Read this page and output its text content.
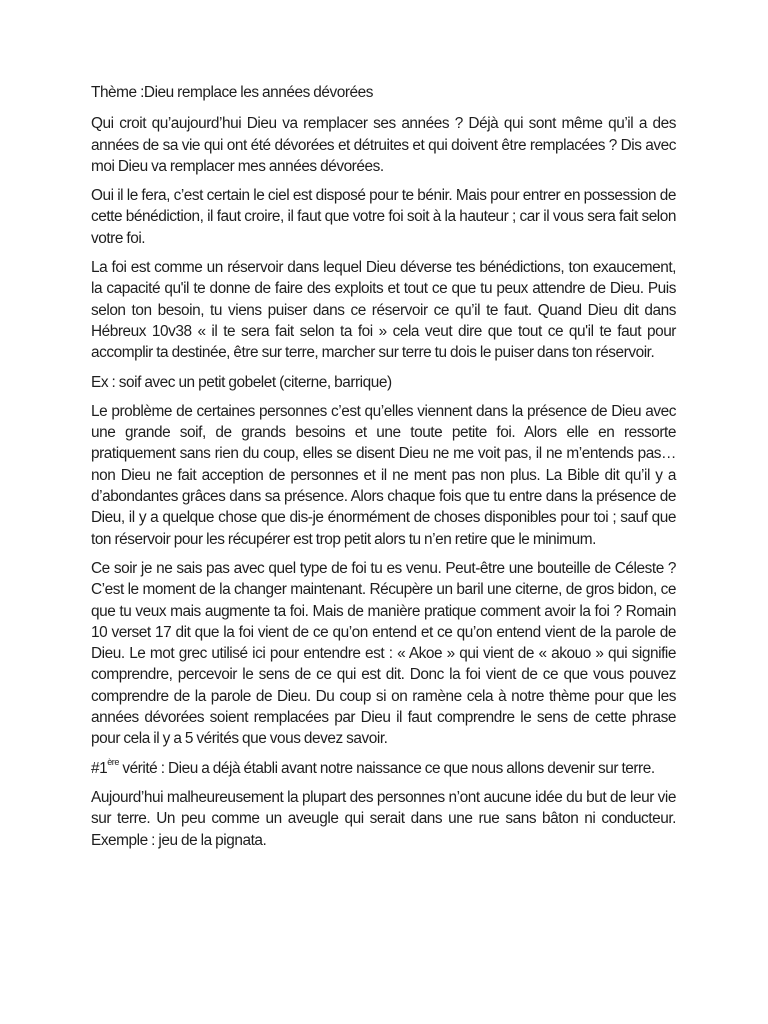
Thème :Dieu remplace les années dévorées

Qui croit qu’aujourd’hui Dieu va remplacer ses années ? Déjà qui sont même qu’il a des années de sa vie qui ont été dévorées et détruites et qui doivent être remplacées ? Dis avec moi Dieu va remplacer mes années dévorées.

Oui il le fera, c’est certain le ciel est disposé pour te bénir. Mais pour entrer en possession de cette bénédiction, il faut croire, il faut que votre foi soit à la hauteur ; car il vous sera fait selon votre foi.

La foi est comme un réservoir dans lequel Dieu déverse tes bénédictions, ton exaucement, la capacité qu'il te donne de faire des exploits et tout ce que tu peux attendre de Dieu. Puis selon ton besoin, tu viens puiser dans ce réservoir ce qu’il te faut. Quand Dieu dit dans Hébreux 10v38 « il te sera fait selon ta foi » cela veut dire que tout ce qu'il te faut pour accomplir ta destinée, être sur terre, marcher sur terre tu dois le puiser dans ton réservoir.

Ex : soif avec un petit gobelet (citerne, barrique)

Le problème de certaines personnes c’est qu’elles viennent dans la présence de Dieu avec une grande soif, de grands besoins et une toute petite foi. Alors elle en ressorte pratiquement sans rien du coup, elles se disent Dieu ne me voit pas, il ne m’entends pas…non Dieu ne fait acception de personnes et il ne ment pas non plus. La Bible dit qu’il y a d’abondantes grâces dans sa présence. Alors chaque fois que tu entre dans la présence de Dieu, il y a quelque chose que dis-je énormément de choses disponibles pour toi ; sauf que ton réservoir pour les récupérer est trop petit alors tu n’en retire que le minimum.

Ce soir je ne sais pas avec quel type de foi tu es venu. Peut-être une bouteille de Céleste ? C’est le moment de la changer maintenant. Récupère un baril une citerne, de gros bidon, ce que tu veux mais augmente ta foi. Mais de manière pratique comment avoir la foi ? Romain 10 verset 17 dit que la foi vient de ce qu’on entend et ce qu’on entend vient de la parole de Dieu. Le mot grec utilisé ici pour entendre est : « Akoe » qui vient de « akouo » qui signifie comprendre, percevoir le sens de ce qui est dit. Donc la foi vient de ce que vous pouvez comprendre de la parole de Dieu. Du coup si on ramène cela à notre thème pour que les années dévorées soient remplacées par Dieu il faut comprendre le sens de cette phrase pour cela il y a 5 vérités que vous devez savoir.

#1ère vérité : Dieu a déjà établi avant notre naissance ce que nous allons devenir sur terre.

Aujourd’hui malheureusement la plupart des personnes n’ont aucune idée du but de leur vie sur terre. Un peu comme un aveugle qui serait dans une rue sans bâton ni conducteur. Exemple : jeu de la pignata.
